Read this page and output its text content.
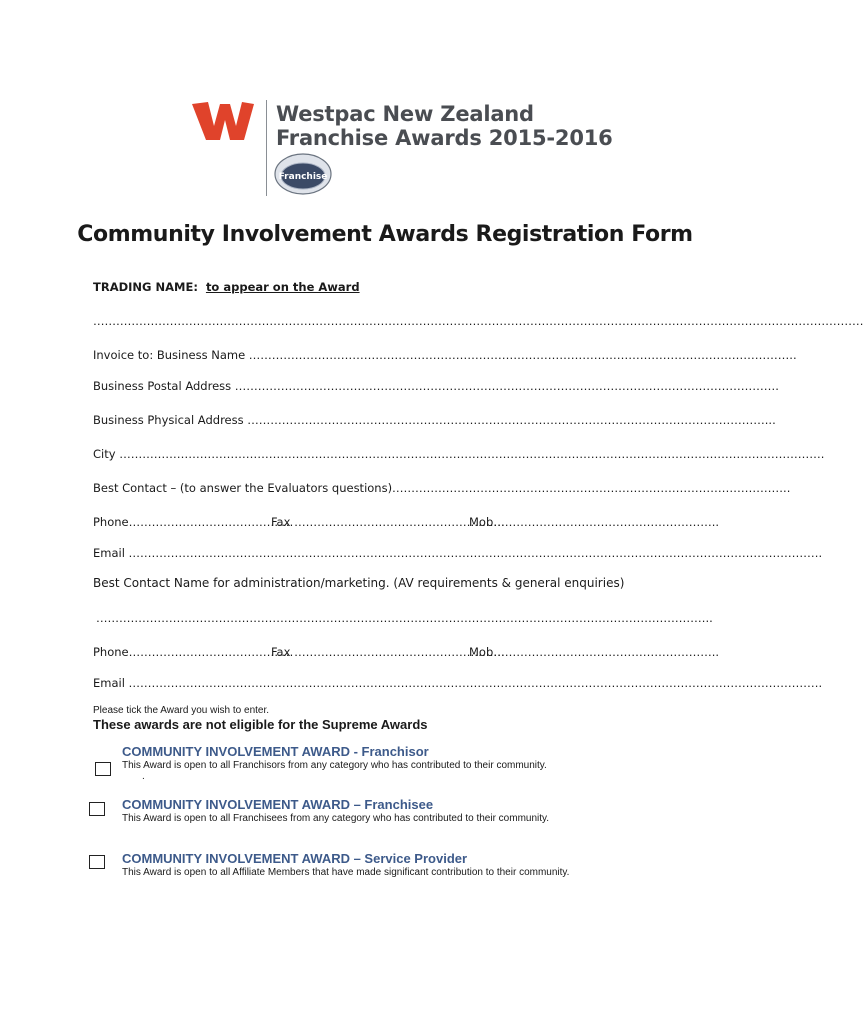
Westpac New Zealand
Franchise Awards 2015-2016
Franchise
Community Involvement Awards Registration Form
TRADING NAME: to appear on the Award
…………………………………………………………………………………………………………………………………………………………………………………
Invoice to: Business Name ……………………………………………………………………………………………………………………………..
Business Postal Address …………………………………………………………………………………………………………………………….
Business Physical Address ………………………………………………………………………………………………………………………...
City ………………………………………………………………………………………………………………………………………………………………….
Best Contact – (to answer the Evaluators questions)…………………………………………………………………………………………..
Phone…………………………………….
Fax ……………………………………………….
Mob…………………………………………………..
Email ……………………………………………………………………………………………………………………………………………………………….
Best Contact Name for administration/marketing. (AV requirements & general enquiries)
……………………………………………………………………………………………………………………………………………..
Phone…………………………………….
Fax ……………………………………………….
Mob…………………………………………………..
Email ……………………………………………………………………………………………………………………………………………………………….
Please tick the Award you wish to enter.
These awards are not eligible for the Supreme Awards
COMMUNITY INVOLVEMENT AWARD - Franchisor
This Award is open to all Franchisors from any category who has contributed to their community.
.
COMMUNITY INVOLVEMENT AWARD – Franchisee
This Award is open to all Franchisees from any category who has contributed to their community.
COMMUNITY INVOLVEMENT AWARD – Service Provider
This Award is open to all Affiliate Members that have made significant contribution to their community.
